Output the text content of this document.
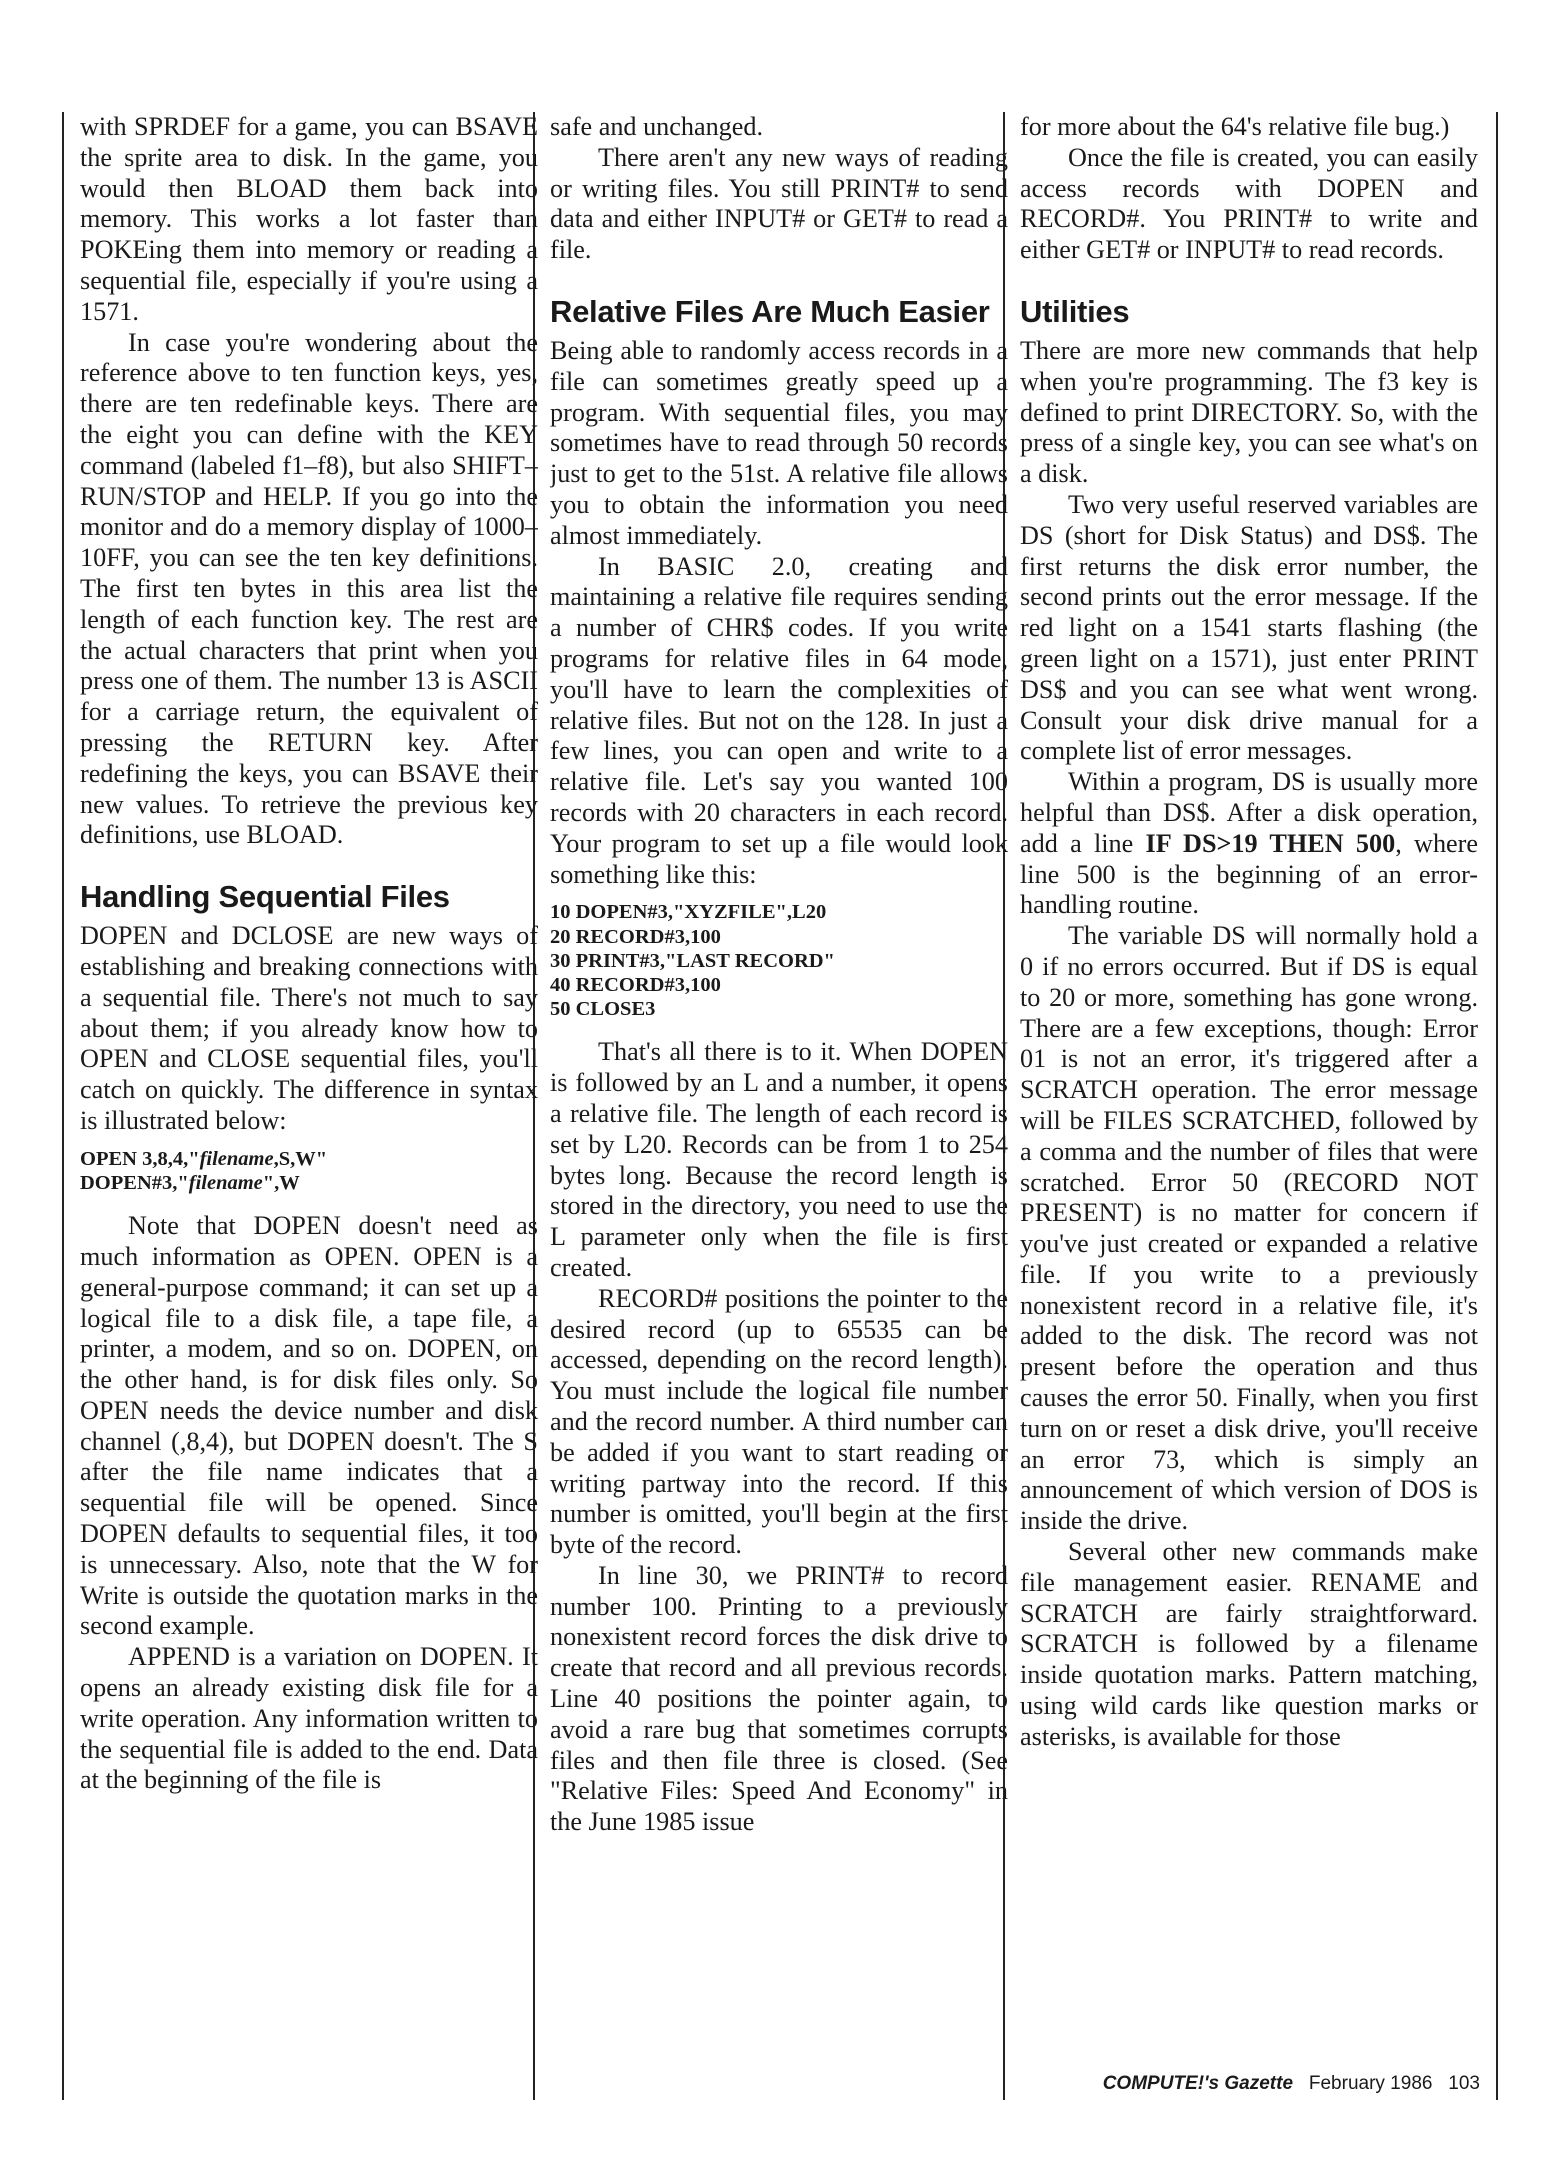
with SPRDEF for a game, you can BSAVE the sprite area to disk. In the game, you would then BLOAD them back into memory. This works a lot faster than POKEing them into memory or reading a sequential file, especially if you're using a 1571.

In case you're wondering about the reference above to ten function keys, yes, there are ten redefinable keys. There are the eight you can define with the KEY command (labeled f1–f8), but also SHIFT–RUN/STOP and HELP. If you go into the monitor and do a memory display of 1000–10FF, you can see the ten key definitions. The first ten bytes in this area list the length of each function key. The rest are the actual characters that print when you press one of them. The number 13 is ASCII for a carriage return, the equivalent of pressing the RETURN key. After redefining the keys, you can BSAVE their new values. To retrieve the previous key definitions, use BLOAD.

Handling Sequential Files

DOPEN and DCLOSE are new ways of establishing and breaking connections with a sequential file. There's not much to say about them; if you already know how to OPEN and CLOSE sequential files, you'll catch on quickly. The difference in syntax is illustrated below:

OPEN 3,8,4,"filename,S,W"
DOPEN#3,"filename",W

Note that DOPEN doesn't need as much information as OPEN. OPEN is a general-purpose command; it can set up a logical file to a disk file, a tape file, a printer, a modem, and so on. DOPEN, on the other hand, is for disk files only. So OPEN needs the device number and disk channel (,8,4), but DOPEN doesn't. The S after the file name indicates that a sequential file will be opened. Since DOPEN defaults to sequential files, it too is unnecessary. Also, note that the W for Write is outside the quotation marks in the second example.

APPEND is a variation on DOPEN. It opens an already existing disk file for a write operation. Any information written to the sequential file is added to the end. Data at the beginning of the file is

safe and unchanged.

There aren't any new ways of reading or writing files. You still PRINT# to send data and either INPUT# or GET# to read a file.

Relative Files Are Much Easier

Being able to randomly access records in a file can sometimes greatly speed up a program. With sequential files, you may sometimes have to read through 50 records just to get to the 51st. A relative file allows you to obtain the information you need almost immediately.

In BASIC 2.0, creating and maintaining a relative file requires sending a number of CHR$ codes. If you write programs for relative files in 64 mode, you'll have to learn the complexities of relative files. But not on the 128. In just a few lines, you can open and write to a relative file. Let's say you wanted 100 records with 20 characters in each record. Your program to set up a file would look something like this:

10 DOPEN#3,"XYZFILE",L20
20 RECORD#3,100
30 PRINT#3,"LAST RECORD"
40 RECORD#3,100
50 CLOSE3

That's all there is to it. When DOPEN is followed by an L and a number, it opens a relative file. The length of each record is set by L20. Records can be from 1 to 254 bytes long. Because the record length is stored in the directory, you need to use the L parameter only when the file is first created.

RECORD# positions the pointer to the desired record (up to 65535 can be accessed, depending on the record length). You must include the logical file number and the record number. A third number can be added if you want to start reading or writing partway into the record. If this number is omitted, you'll begin at the first byte of the record.

In line 30, we PRINT# to record number 100. Printing to a previously nonexistent record forces the disk drive to create that record and all previous records. Line 40 positions the pointer again, to avoid a rare bug that sometimes corrupts files and then file three is closed. (See "Relative Files: Speed And Economy" in the June 1985 issue

for more about the 64's relative file bug.)

Once the file is created, you can easily access records with DOPEN and RECORD#. You PRINT# to write and either GET# or INPUT# to read records.

Utilities

There are more new commands that help when you're programming. The f3 key is defined to print DIRECTORY. So, with the press of a single key, you can see what's on a disk.

Two very useful reserved variables are DS (short for Disk Status) and DS$. The first returns the disk error number, the second prints out the error message. If the red light on a 1541 starts flashing (the green light on a 1571), just enter PRINT DS$ and you can see what went wrong. Consult your disk drive manual for a complete list of error messages.

Within a program, DS is usually more helpful than DS$. After a disk operation, add a line IF DS>19 THEN 500, where line 500 is the beginning of an error-handling routine.

The variable DS will normally hold a 0 if no errors occurred. But if DS is equal to 20 or more, something has gone wrong. There are a few exceptions, though: Error 01 is not an error, it's triggered after a SCRATCH operation. The error message will be FILES SCRATCHED, followed by a comma and the number of files that were scratched. Error 50 (RECORD NOT PRESENT) is no matter for concern if you've just created or expanded a relative file. If you write to a previously nonexistent record in a relative file, it's added to the disk. The record was not present before the operation and thus causes the error 50. Finally, when you first turn on or reset a disk drive, you'll receive an error 73, which is simply an announcement of which version of DOS is inside the drive.

Several other new commands make file management easier. RENAME and SCRATCH are fairly straightforward. SCRATCH is followed by a filename inside quotation marks. Pattern matching, using wild cards like question marks or asterisks, is available for those

COMPUTE!'s Gazette February 1986 103
